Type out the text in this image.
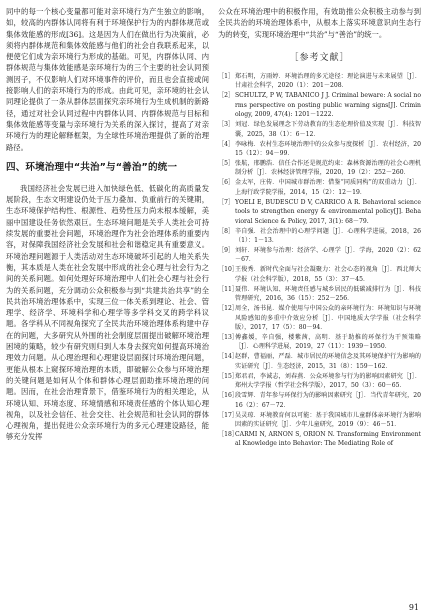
同中的每一个核心变量都可能对亲环境行为产生独立的影响，如，较高的内群体认同将有利于环境保护行为的内群体规范或集体效能感的形成[36]。这是因为人们在做出行为决策前，必须将内群体规范和集体效能感与他们的社会自我联系起来，以便使它们成为亲环境行为形成的基础。可见，内群体认同、内群体规范与集体效能感是亲环境行为的三个主要的社会认同预测因子，不仅影响人们对环境事件的评价，而且也会直接或间接影响人们的亲环境行为的形成。由此可见，亲环境的社会认同理论提供了一条从群体层面探究亲环境行为生成机制的新路径，通过对社会认同过程中内群体认同、内群体规范与目标和集体效能感等变量与亲环境行为关系的深入探讨，提高了对亲环境行为的理论解释框架，为全球性环境治理提供了新的治理路径。

四、环境治理中“共治”与“善治”的统一

我国经济社会发展已进入加快绿色低、低碳化的高质量发展阶段，生态文明建设仍处于压力叠加、负重前行的关键期，生态环境保护结构性、根源性、趋势性压力尚未根本缓解，美丽中国建设任务依然艰巨。生态环境问题是关乎人类社会可持续发展的重要社会问题，环境治理作为社会治理体系的重要内容，对保障我国经济社会发展和社会和谐稳定具有重要意义。环境治理问题源于人类活动对生态环境破坏引起的人地关系失衡，其本质是人类在社会发展中形成的社会心理与社会行为之间的关系问题。如何处理好环境治理中人们社会心理与社会行为的关系问题，充分调动公众积极参与到“共建共治共享”的全民共治环境治理体系中，实现三位一体关系到理论、社会、管理学、经济学、环境科学和心理学等多学科交叉的跨学科议题。各学科从不同视角探究了全民共治环境治理体系构建中存在的问题，大多研究从外围的社会制度层面提出破解环境治理困境的策略，较少有研究则归到人本身去探究如何提高环境治理效力问题。从心理治理和心理建设层面探讨环境治理问题，更能从根本上窥探环境治理的本质，即破解公众参与环境治理的关键问题是如何从个体和群体心理层面助推环境治理的问题。因而，在社会治理背景下，借鉴环境行为的相关理论，从环境认知、环境态度、环境情感和环境责任感的个体认知心理视角，以及社会信任、社会交往、社会规范和社会认同的群体心理视角，提出促进公众亲环境行为的多元心理建设路径，能够充分发挥

公众在环境治理中的积极作用，有效助推公众积极主动参与到全民共治的环境治理体系中，从根本上落实环境意识向生态行为的转变，实现环境治理中“共治”与“善治”的统一。

［参考文献］
［1］ 郑石明，方雨婷．环境治理的多元途径：理论演进与未来展望［J］．甘肃社会科学，2020（1）：201－208．
［2］ SCHULTZ, P W, TABANICO J J. Criminal beware: A social norms perspective on posting public warning signs[J]. Criminology, 2009, 47(4): 1201－1222.
［3］ 刘冠．绿色发展理念下劳动教育的生态伦理价值及实现［J］．科技智囊，2025，38（1）：6－12．
［4］ 李咏梅．农村生态环境治理中的公众参与度探析［J］．农村经济，2015（12）：94－99．
［5］ 张航，邢鹏浩．信任合作还是规范约束：森林资源治理的社会心理机制分析［J］．农林经济管理学报，2020，19（2）：252－260．
［6］ 金太军，庄传．中国城市群治理：借鉴“同质同构”的双重动力［J］．上海行政学院学报，2014，15（2）：12－19．
［7］ YOELI E, BUDESCU D V, CARRICO A R. Behavioral science tools to strengthen energy & environmental policy[J]. Behavioral Science & Policy, 2017, 3(1): 68－79.
［8］ 辛自强．社会治理中的心理学问题［J］．心理科学进展，2018，26（1）：1－13．
［9］ 刘轩．环境参与治理：经济学、心理学［J］．学海，2020（2）：62－67．
［10］
王俊秀．新时代全面与社会凝聚力：社会心态的视角［J］．西北师大学报（社会科学版），2018，55（3）：37－45．
［11］
聂伟．环境认知、环境责任感与城乡居民的低碳减排行为［J］．科技管理研究，2016，36（15）：252－256．
［12］
周全，汤书昆．媒介使用与中国公众的亲环境行为：环境知识与环境风险感知的多重中介效应分析［J］．中国地质大学学报（社会科学版），2017，17（5）：80－94．
［13］
傅鑫媛，辛自强，楼紫茜，高明．基于助推的环保行为干预策略［J］．心理科学进展，2019，27（11）：1939－1950．
［14］
赵群，曹福丽，严磊．城市居民的环境信念及其环境保护行为影响的实证研究［J］．生态经济，2015，31（8）：159－162．
［15］
郑君君，李诚志，刘春燕．公众环境参与行为的影响因素研究［J］．郑州大学学报（哲学社会科学版），2017，50（3）：60－65．
［16］
段雪辉．青年参与环保行为的影响因素研究［J］．当代青年研究，2016（2）：67－72．
［17］
吴灵琼．环境教育何以可能：基于我国城市儿童群体亲环境行为影响因素的实证研究［J］．少年儿童研究，2019（9）：46－51．
［18］
CARMI N, ARNON S, ORION N. Transforming Environmental Knowledge into Behavior: The Mediating Role of
91
